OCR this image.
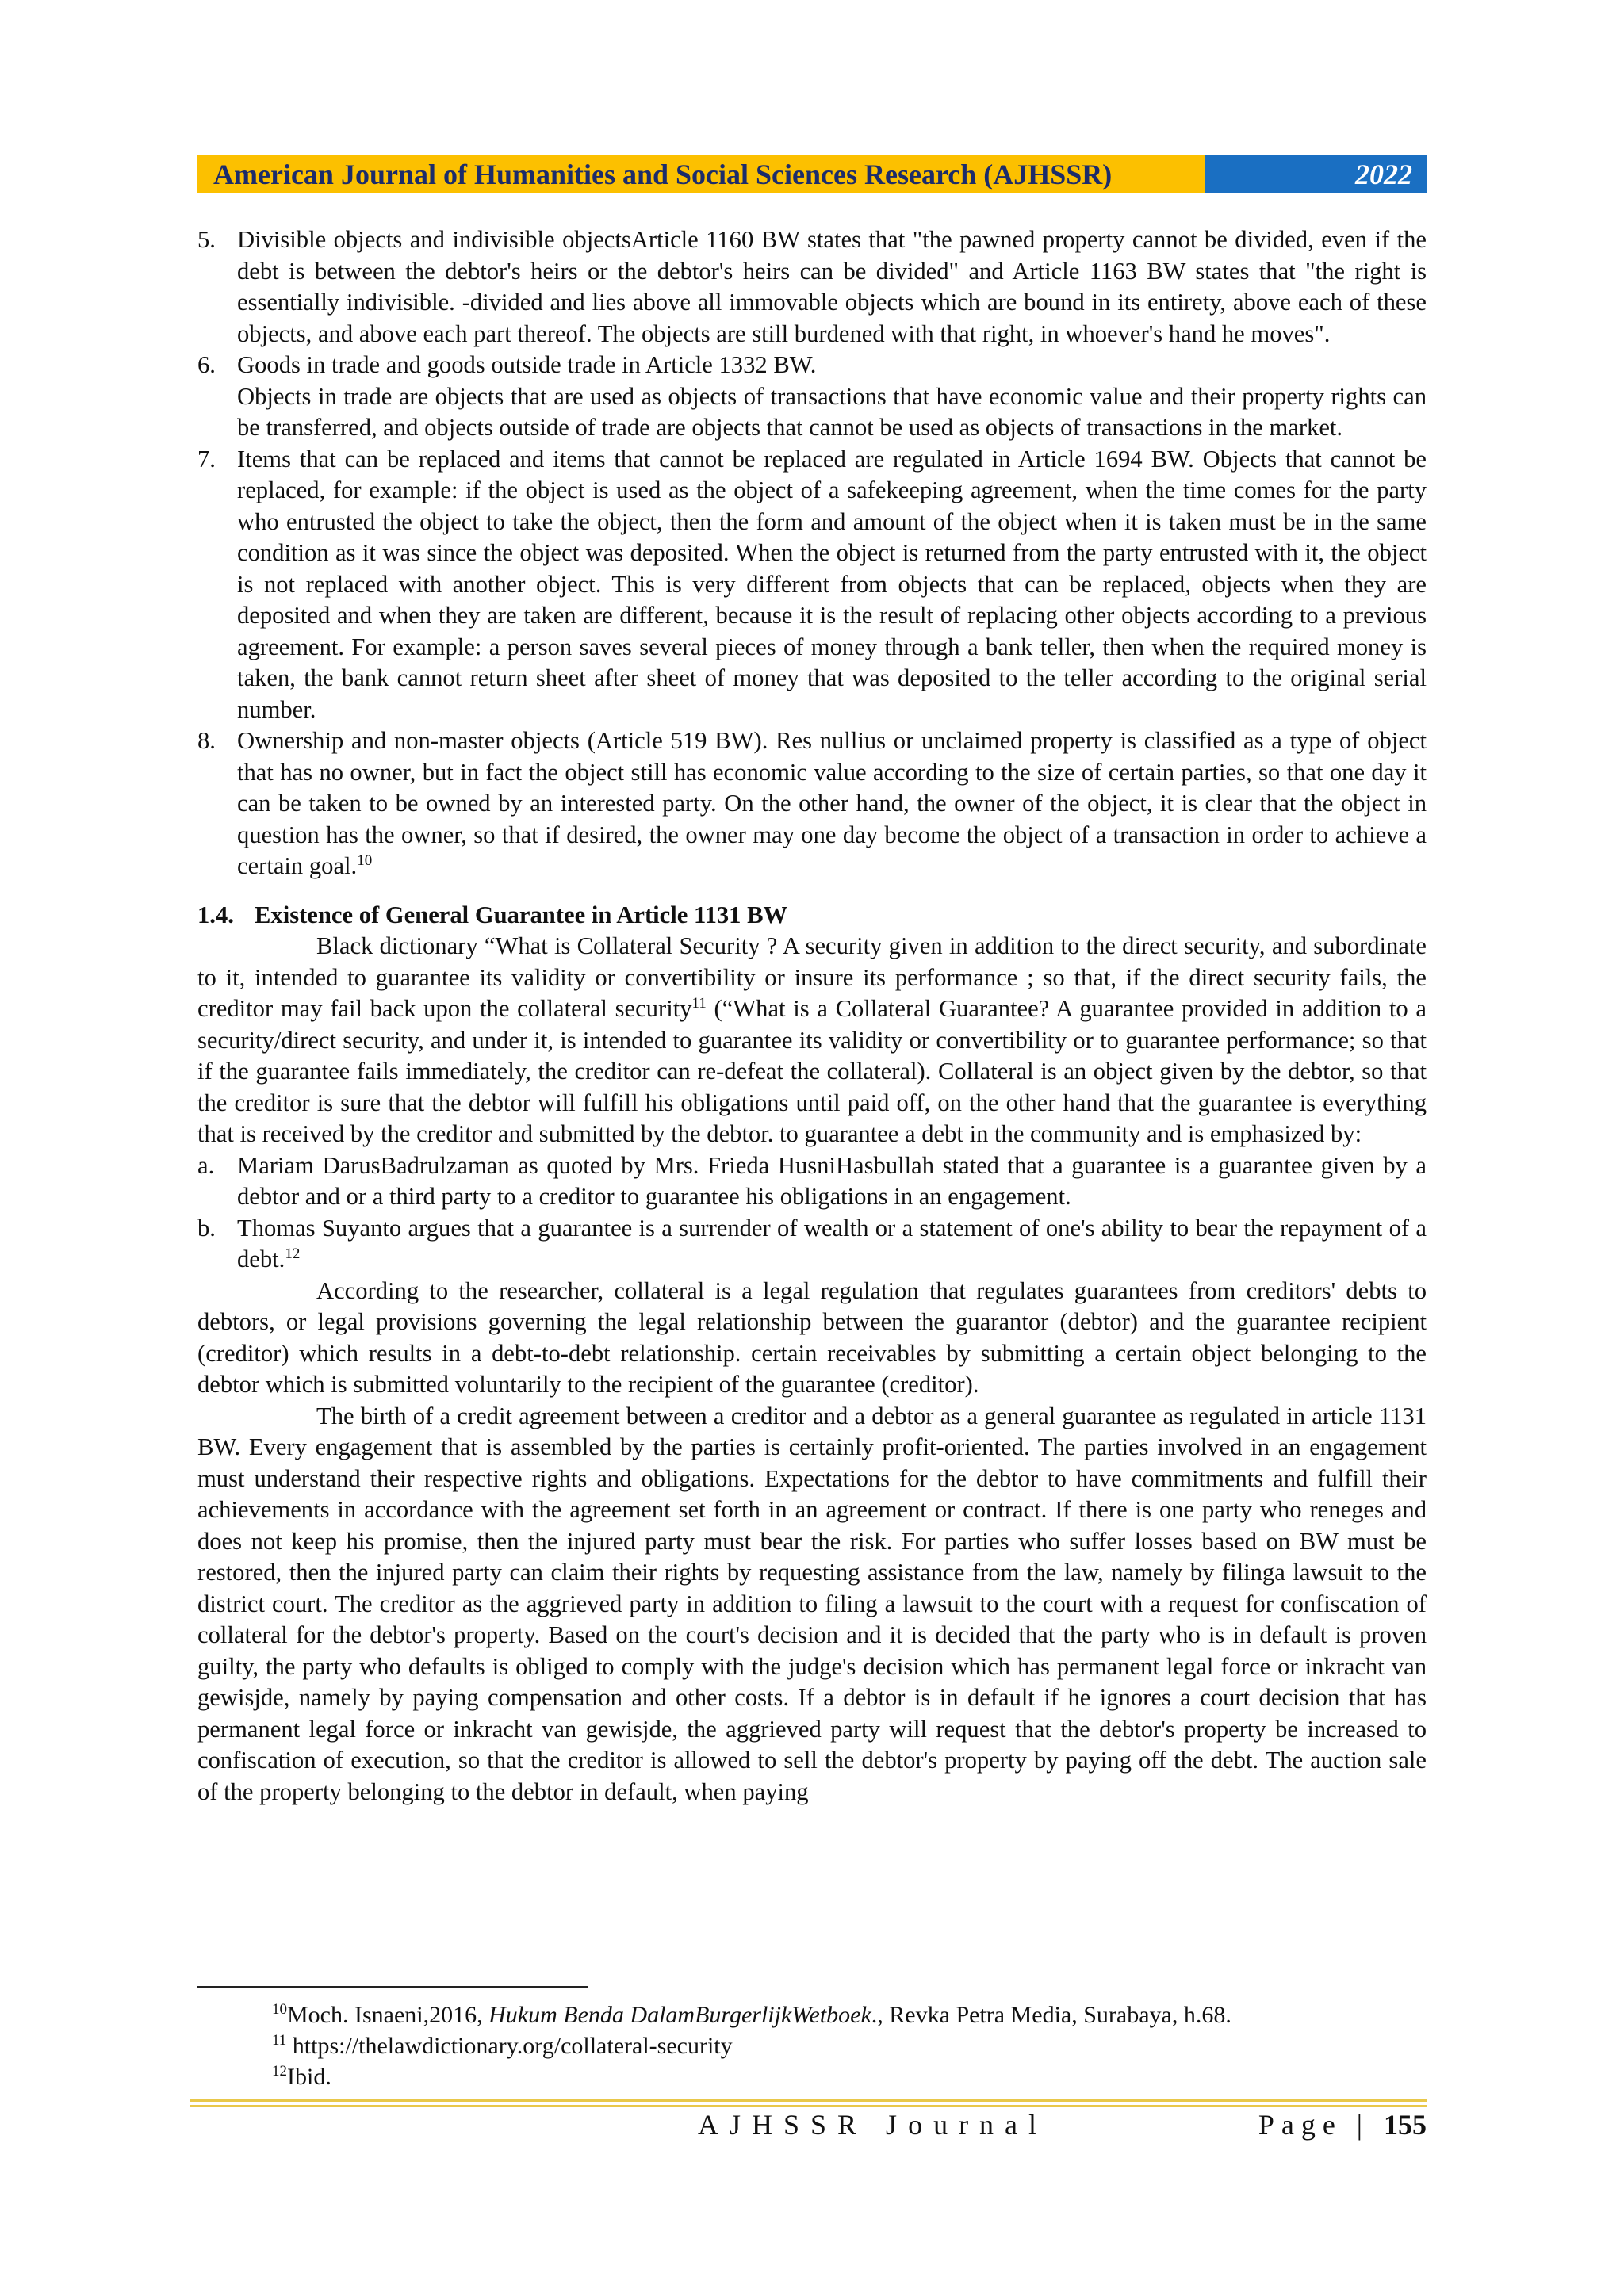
American Journal of Humanities and Social Sciences Research (AJHSSR)	2022
5. Divisible objects and indivisible objectsArticle 1160 BW states that "the pawned property cannot be divided, even if the debt is between the debtor's heirs or the debtor's heirs can be divided" and Article 1163 BW states that "the right is essentially indivisible. -divided and lies above all immovable objects which are bound in its entirety, above each of these objects, and above each part thereof. The objects are still burdened with that right, in whoever's hand he moves".
6. Goods in trade and goods outside trade in Article 1332 BW.
Objects in trade are objects that are used as objects of transactions that have economic value and their property rights can be transferred, and objects outside of trade are objects that cannot be used as objects of transactions in the market.
7. Items that can be replaced and items that cannot be replaced are regulated in Article 1694 BW. Objects that cannot be replaced, for example: if the object is used as the object of a safekeeping agreement, when the time comes for the party who entrusted the object to take the object, then the form and amount of the object when it is taken must be in the same condition as it was since the object was deposited. When the object is returned from the party entrusted with it, the object is not replaced with another object. This is very different from objects that can be replaced, objects when they are deposited and when they are taken are different, because it is the result of replacing other objects according to a previous agreement. For example: a person saves several pieces of money through a bank teller, then when the required money is taken, the bank cannot return sheet after sheet of money that was deposited to the teller according to the original serial number.
8. Ownership and non-master objects (Article 519 BW). Res nullius or unclaimed property is classified as a type of object that has no owner, but in fact the object still has economic value according to the size of certain parties, so that one day it can be taken to be owned by an interested party. On the other hand, the owner of the object, it is clear that the object in question has the owner, so that if desired, the owner may one day become the object of a transaction in order to achieve a certain goal.$^{10}$

1.4. Existence of General Guarantee in Article 1131 BW

Black dictionary “What is Collateral Security ? A security given in addition to the direct security, and subordinate to it, intended to guarantee its validity or convertibility or insure its performance ; so that, if the direct security fails, the creditor may fail back upon the collateral security$^{11}$ (“What is a Collateral Guarantee? A guarantee provided in addition to a security/direct security, and under it, is intended to guarantee its validity or convertibility or to guarantee performance; so that if the guarantee fails immediately, the creditor can re-defeat the collateral). Collateral is an object given by the debtor, so that the creditor is sure that the debtor will fulfill his obligations until paid off, on the other hand that the guarantee is everything that is received by the creditor and submitted by the debtor. to guarantee a debt in the community and is emphasized by:

a. Mariam DarusBadrulzaman as quoted by Mrs. Frieda HusniHasbullah stated that a guarantee is a guarantee given by a debtor and or a third party to a creditor to guarantee his obligations in an engagement.
b. Thomas Suyanto argues that a guarantee is a surrender of wealth or a statement of one's ability to bear the repayment of a debt.$^{12}$

According to the researcher, collateral is a legal regulation that regulates guarantees from creditors' debts to debtors, or legal provisions governing the legal relationship between the guarantor (debtor) and the guarantee recipient (creditor) which results in a debt-to-debt relationship. certain receivables by submitting a certain object belonging to the debtor which is submitted voluntarily to the recipient of the guarantee (creditor).

The birth of a credit agreement between a creditor and a debtor as a general guarantee as regulated in article 1131 BW. Every engagement that is assembled by the parties is certainly profit-oriented. The parties involved in an engagement must understand their respective rights and obligations. Expectations for the debtor to have commitments and fulfill their achievements in accordance with the agreement set forth in an agreement or contract. If there is one party who reneges and does not keep his promise, then the injured party must bear the risk. For parties who suffer losses based on BW must be restored, then the injured party can claim their rights by requesting assistance from the law, namely by filinga lawsuit to the district court. The creditor as the aggrieved party in addition to filing a lawsuit to the court with a request for confiscation of collateral for the debtor's property. Based on the court's decision and it is decided that the party who is in default is proven guilty, the party who defaults is obliged to comply with the judge's decision which has permanent legal force or inkracht van gewisjde, namely by paying compensation and other costs. If a debtor is in default if he ignores a court decision that has permanent legal force or inkracht van gewisjde, the aggrieved party will request that the debtor's property be increased to confiscation of execution, so that the creditor is allowed to sell the debtor's property by paying off the debt. The auction sale of the property belonging to the debtor in default, when paying

$^{10}$Moch. Isnaeni,2016, Hukum Benda DalamBurgerlijkWetboek., Revka Petra Media, Surabaya, h.68.
$^{11}$ https://thelawdictionary.org/collateral-security
$^{12}$Ibid.
AJHSSR Journal	Page | 155
